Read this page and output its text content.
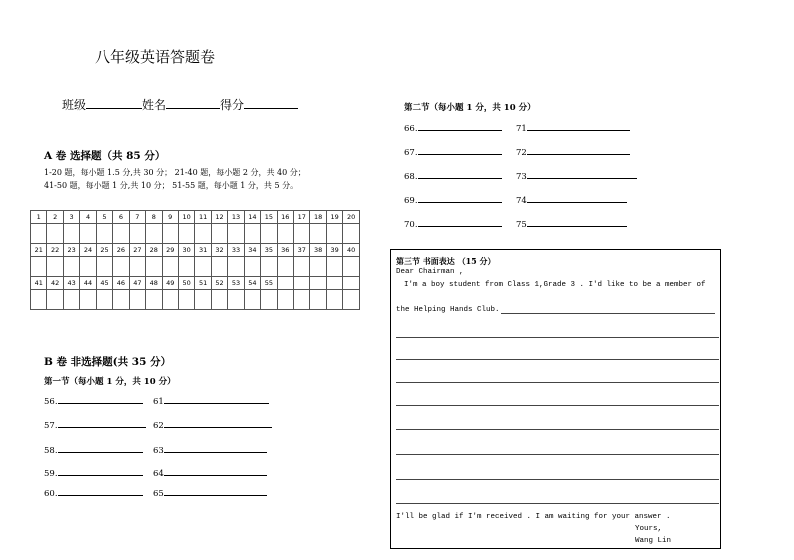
八年级英语答题卷
班级	姓名	得分
A 卷 选择题（共 85 分）
1-20 题，每小题 1.5 分,共 30 分； 21-40 题，每小题 2 分，共 40 分；
41-50 题，每小题 1 分,共 10 分； 51-55 题，每小题 1 分，共 5 分。
1	2	3	4	5	6	7	8	9	10	11	12	13	14	15	16	17	18	19	20

21	22	23	24	25	26	27	28	29	30	31	32	33	34	35	36	37	38	39	40

41	42	43	44	45	46	47	48	49	50	51	52	53	54	55					

B 卷 非选择题(共 35 分）
第一节（每小题 1 分，共 10 分）
56.	61
57.	62
58.	63
59.	64
60.	65
第二节（每小题 1 分，共 10 分）
66.	71
67.	72
68.	73
69.	74
70.	75
第三节 书面表达 （15 分）
Dear Chairman ,
I'm a boy student from Class 1,Grade 3 . I'd like to be a member of
the Helping Hands Club.
I'll be glad if I'm received . I am waiting for your answer .
Yours,
Wang Lin
